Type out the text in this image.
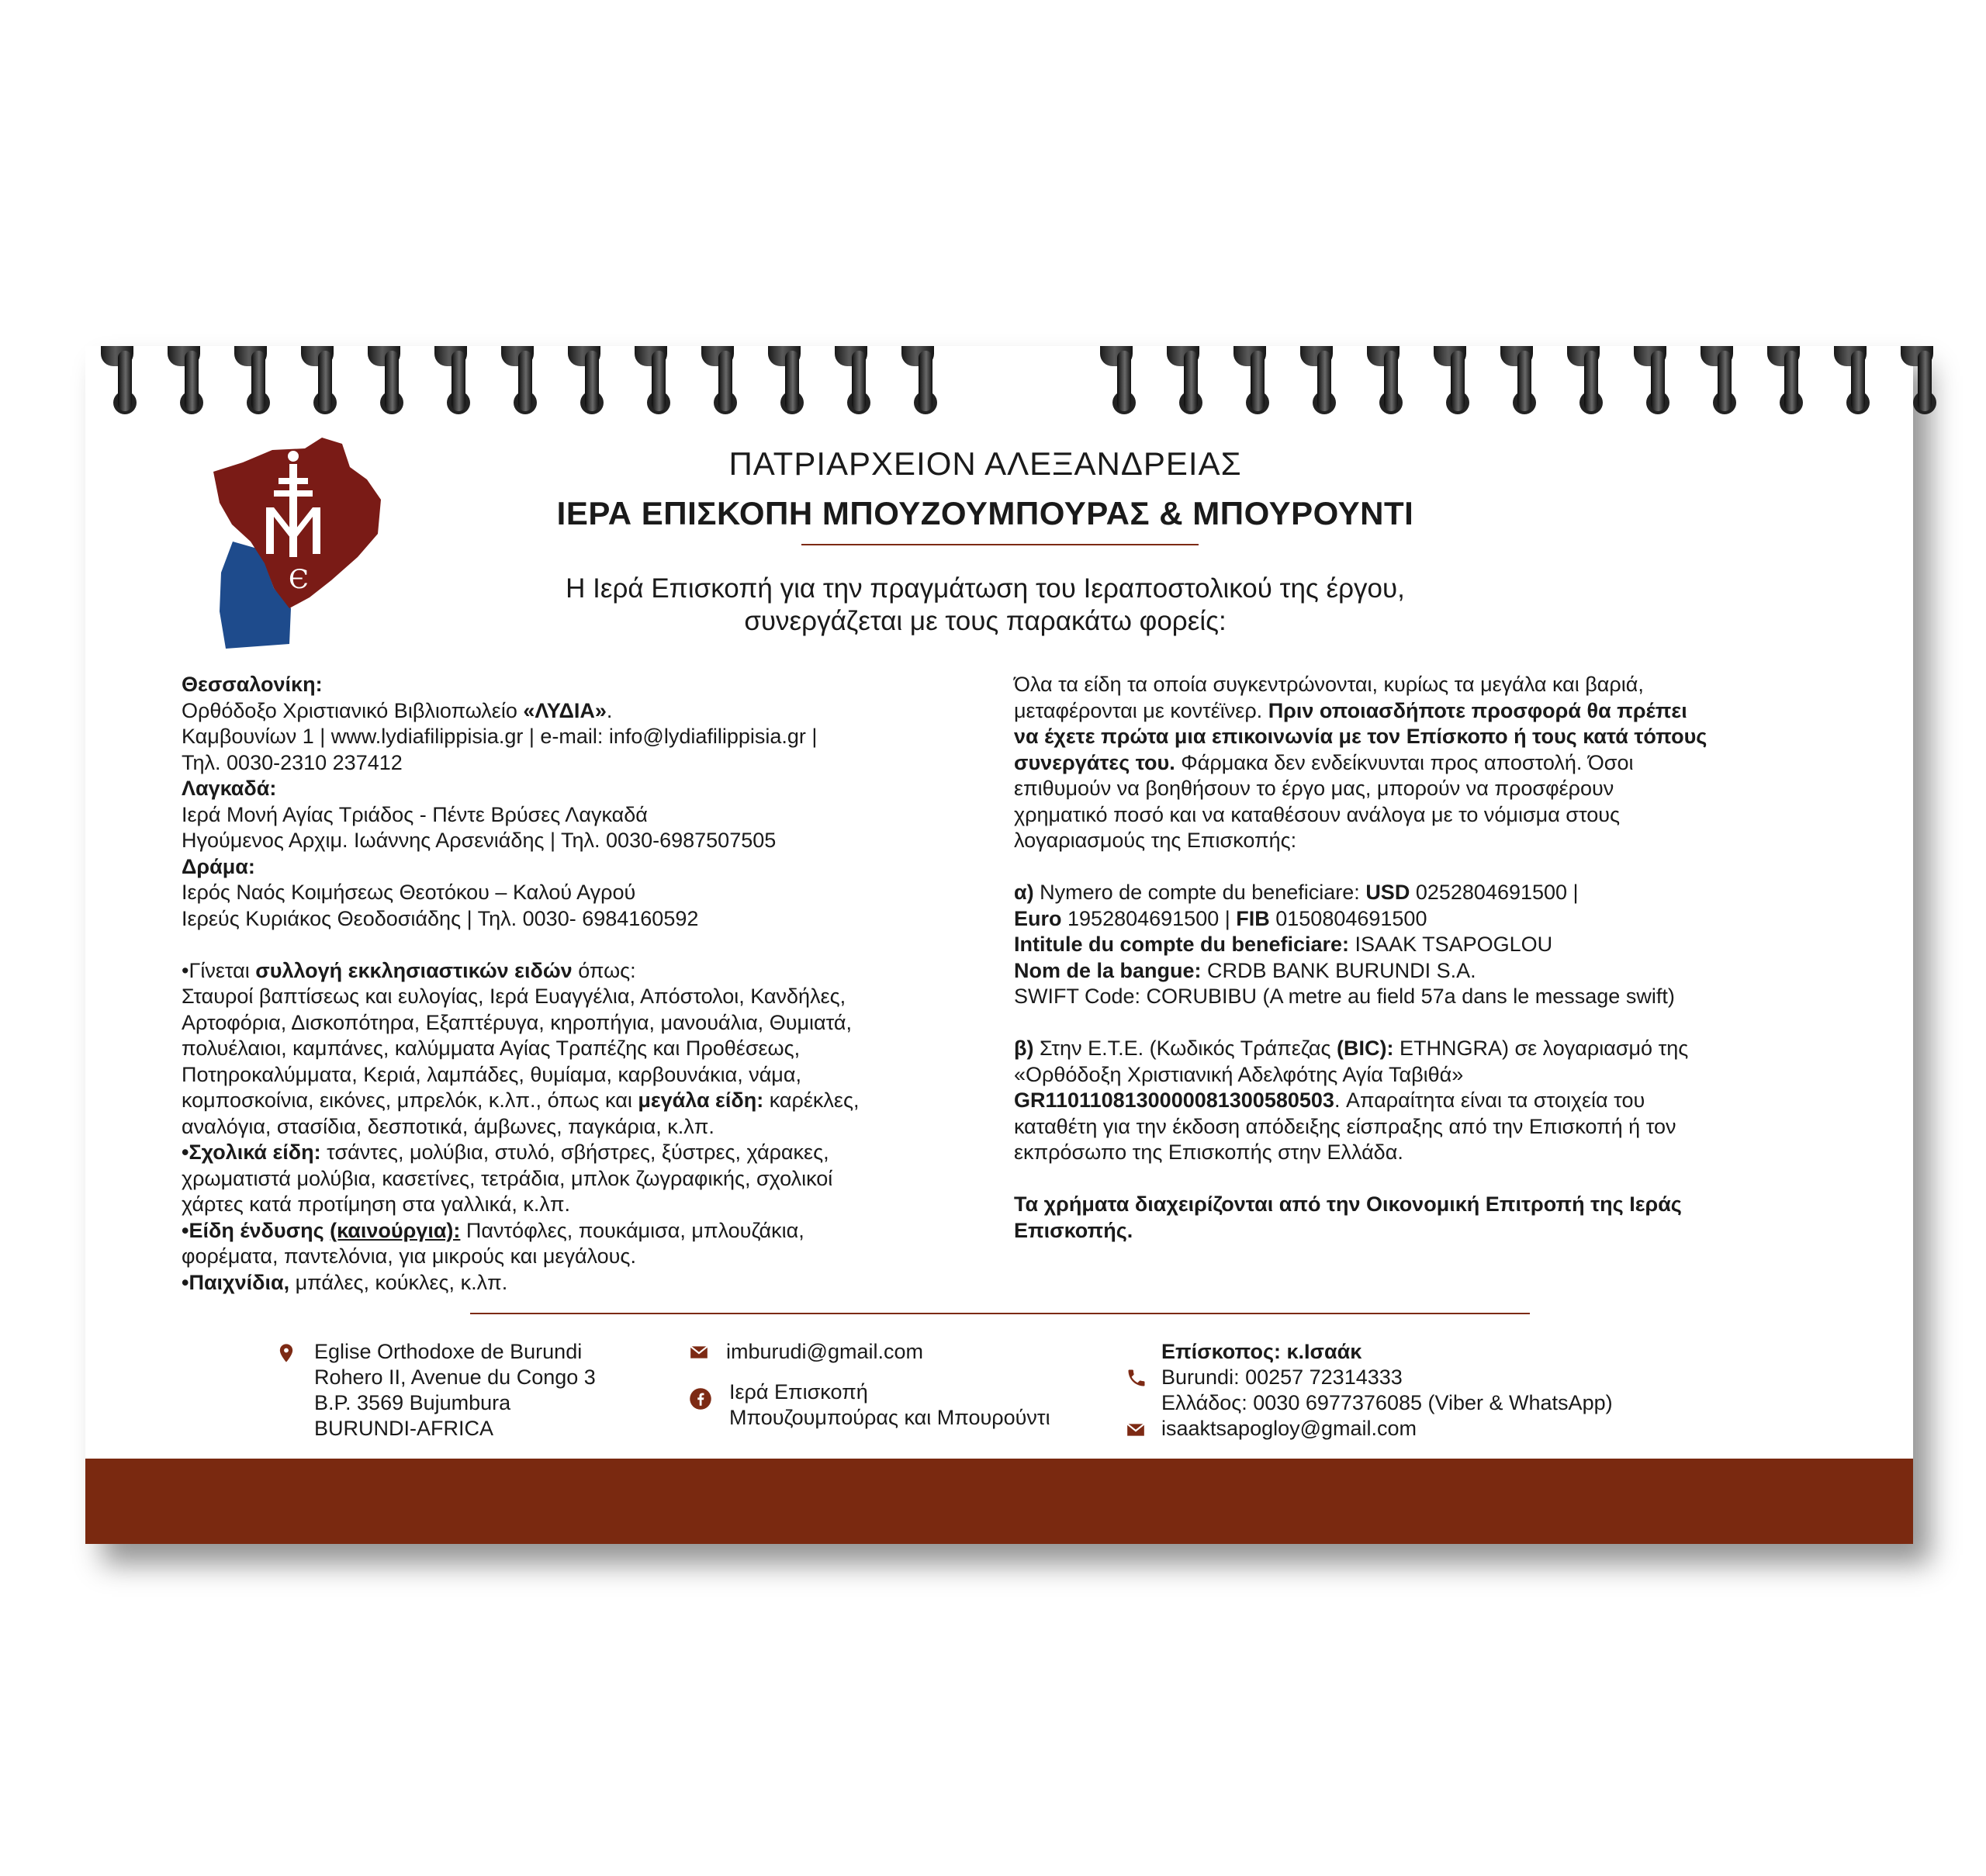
Є
ΠΑΤΡΙΑΡΧΕΙΟΝ ΑΛΕΞΑΝΔΡΕΙΑΣ
ΙΕΡΑ ΕΠΙΣΚΟΠΗ ΜΠΟΥΖΟΥΜΠΟΥΡΑΣ & ΜΠΟΥΡΟΥΝΤΙ
Η Ιερά Επισκοπή για την πραγμάτωση του Ιεραποστολικού της έργου,
συνεργάζεται με τους παρακάτω φορείς:

Θεσσαλονίκη:

Ορθόδοξο Χριστιανικό Βιβλιοπωλείο «ΛΥΔΙΑ».

Καμβουνίων 1 | www.lydiafilippisia.gr | e-mail: info@lydiafilippisia.gr |

Τηλ. 0030-2310 237412

Λαγκαδά:

Ιερά Μονή Αγίας Τριάδος - Πέντε Βρύσες Λαγκαδά

Ηγούμενος Αρχιμ. Ιωάννης Αρσενιάδης | Τηλ. 0030-6987507505

Δράμα:

Ιερός Ναός Κοιμήσεως Θεοτόκου – Καλού Αγρού

Ιερεύς Κυριάκος Θεοδοσιάδης | Τηλ. 0030- 6984160592

•Γίνεται συλλογή εκκλησιαστικών ειδών όπως:

Σταυροί βαπτίσεως και ευλογίας, Ιερά Ευαγγέλια, Απόστολοι, Κανδήλες,

Αρτοφόρια, Δισκοπότηρα, Εξαπτέρυγα, κηροπήγια, μανουάλια, Θυμιατά,

πολυέλαιοι, καμπάνες, καλύμματα Αγίας Τραπέζης και Προθέσεως,

Ποτηροκαλύμματα, Κεριά, λαμπάδες, θυμίαμα, καρβουνάκια, νάμα,

κομποσκοίνια, εικόνες, μπρελόκ, κ.λπ., όπως και μεγάλα είδη: καρέκλες,

αναλόγια, στασίδια, δεσποτικά, άμβωνες, παγκάρια, κ.λπ.

•Σχολικά είδη: τσάντες, μολύβια, στυλό, σβήστρες, ξύστρες, χάρακες,

χρωματιστά μολύβια, κασετίνες, τετράδια, μπλοκ ζωγραφικής, σχολικοί

χάρτες κατά προτίμηση στα γαλλικά, κ.λπ.

•Είδη ένδυσης (καινούργια): Παντόφλες, πουκάμισα, μπλουζάκια,

φορέματα, παντελόνια, για μικρούς και μεγάλους.

•Παιχνίδια, μπάλες, κούκλες, κ.λπ.

Όλα τα είδη τα οποία συγκεντρώνονται, κυρίως τα μεγάλα και βαριά,

μεταφέρονται με κοντέϊνερ. Πριν οποιασδήποτε προσφορά θα πρέπει

να έχετε πρώτα μια επικοινωνία με τον Επίσκοπο ή τους κατά τόπους

συνεργάτες του. Φάρμακα δεν ενδείκνυνται προς αποστολή. Όσοι

επιθυμούν να βοηθήσουν το έργο μας, μπορούν να προσφέρουν

χρηματικό ποσό και να καταθέσουν ανάλογα με το νόμισμα στους

λογαριασμούς της Επισκοπής:

α) Nymero de compte du beneficiare: USD 0252804691500 |

Euro 1952804691500 | FIB 0150804691500

Intitule du compte du beneficiare: ISAAK TSAPOGLOU

Nom de la bangue: CRDB BANK BURUNDI S.A.

SWIFT Code: CORUBIBU (A metre au field 57a dans le message swift)

β) Στην Ε.Τ.Ε. (Κωδικός Τράπεζας (BIC): ETHNGRA) σε λογαριασμό της

«Ορθόδοξη Χριστιανική Αδελφότης Αγία Ταβιθά»

GR1101108130000081300580503. Απαραίτητα είναι τα στοιχεία του

καταθέτη για την έκδοση απόδειξης είσπραξης από την Επισκοπή ή τον

εκπρόσωπο της Επισκοπής στην Ελλάδα.

Τα χρήματα διαχειρίζονται από την Οικονομική Επιτροπή της Ιεράς

Επισκοπής.

Eglise Orthodoxe de Burundi
Rohero II, Avenue du Congo 3
B.P. 3569 Bujumbura
BURUNDI-AFRICA
imburudi@gmail.com
Ιερά Επισκοπή
Μπουζουμπούρας και Μπουρούντι
Επίσκοπος: κ.Ισαάκ
Burundi: 00257 72314333
Ελλάδος: 0030 6977376085 (Viber & WhatsApp)
isaaktsapogloy@gmail.com
